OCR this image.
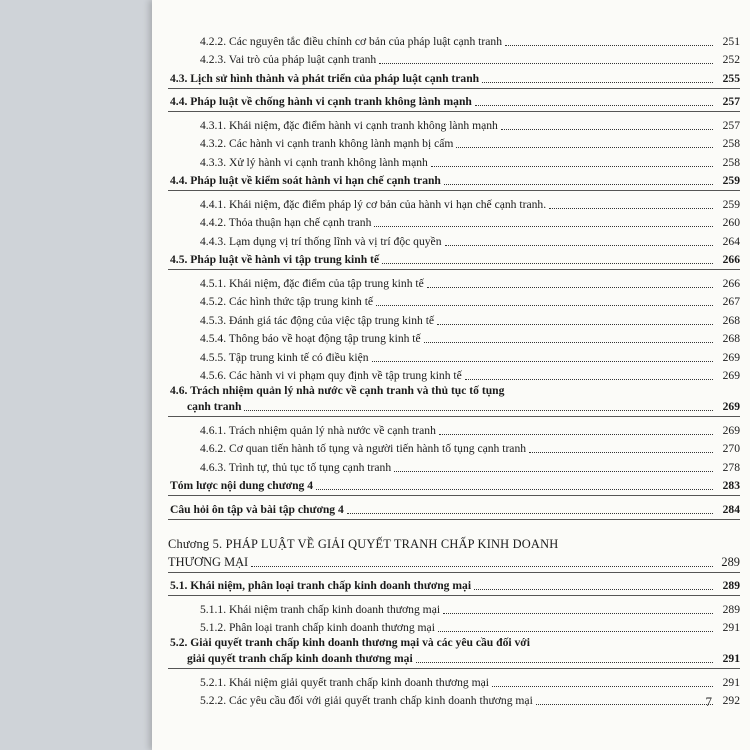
4.2.2. Các nguyên tắc điều chỉnh cơ bản của pháp luật cạnh tranh	251
4.2.3. Vai trò của pháp luật cạnh tranh	252
4.3. Lịch sử hình thành và phát triển của pháp luật cạnh tranh	255
4.4. Pháp luật về chống hành vi cạnh tranh không lành mạnh	257
4.3.1. Khái niệm, đặc điểm hành vi cạnh tranh không lành mạnh	257
4.3.2. Các hành vi cạnh tranh không lành mạnh bị cấm	258
4.3.3. Xử lý hành vi cạnh tranh không lành mạnh	258
4.4. Pháp luật về kiểm soát hành vi hạn chế cạnh tranh	259
4.4.1. Khái niệm, đặc điểm pháp lý cơ bản của hành vi hạn chế cạnh tranh.	259
4.4.2. Thỏa thuận hạn chế cạnh tranh	260
4.4.3. Lạm dụng vị trí thống lĩnh và vị trí độc quyền	264
4.5. Pháp luật về hành vi tập trung kinh tế	266
4.5.1. Khái niệm, đặc điểm của tập trung kinh tế	266
4.5.2. Các hình thức tập trung kinh tế	267
4.5.3. Đánh giá tác động của việc tập trung kinh tế	268
4.5.4. Thông báo về hoạt động tập trung kinh tế	268
4.5.5. Tập trung kinh tế có điều kiện	269
4.5.6. Các hành vi vi phạm quy định về tập trung kinh tế	269
4.6. Trách nhiệm quản lý nhà nước về cạnh tranh và thủ tục tố tụng
cạnh tranh	269
4.6.1. Trách nhiệm quản lý nhà nước về cạnh tranh	269
4.6.2. Cơ quan tiến hành tố tụng và người tiến hành tố tụng cạnh tranh	270
4.6.3. Trình tự, thủ tục tố tụng cạnh tranh	278
Tóm lược nội dung chương 4	283
Câu hỏi ôn tập và bài tập chương 4	284
Chương 5. PHÁP LUẬT VỀ GIẢI QUYẾT TRANH CHẤP KINH DOANH
THƯƠNG MẠI	289
5.1. Khái niệm, phân loại tranh chấp kinh doanh thương mại	289
5.1.1. Khái niệm tranh chấp kinh doanh thương mại	289
5.1.2. Phân loại tranh chấp kinh doanh thương mại	291
5.2. Giải quyết tranh chấp kinh doanh thương mại và các yêu cầu đối với
giải quyết tranh chấp kinh doanh thương mại	291
5.2.1. Khái niệm giải quyết tranh chấp kinh doanh thương mại	291
5.2.2. Các yêu cầu đối với giải quyết tranh chấp kinh doanh thương mại	292
7
